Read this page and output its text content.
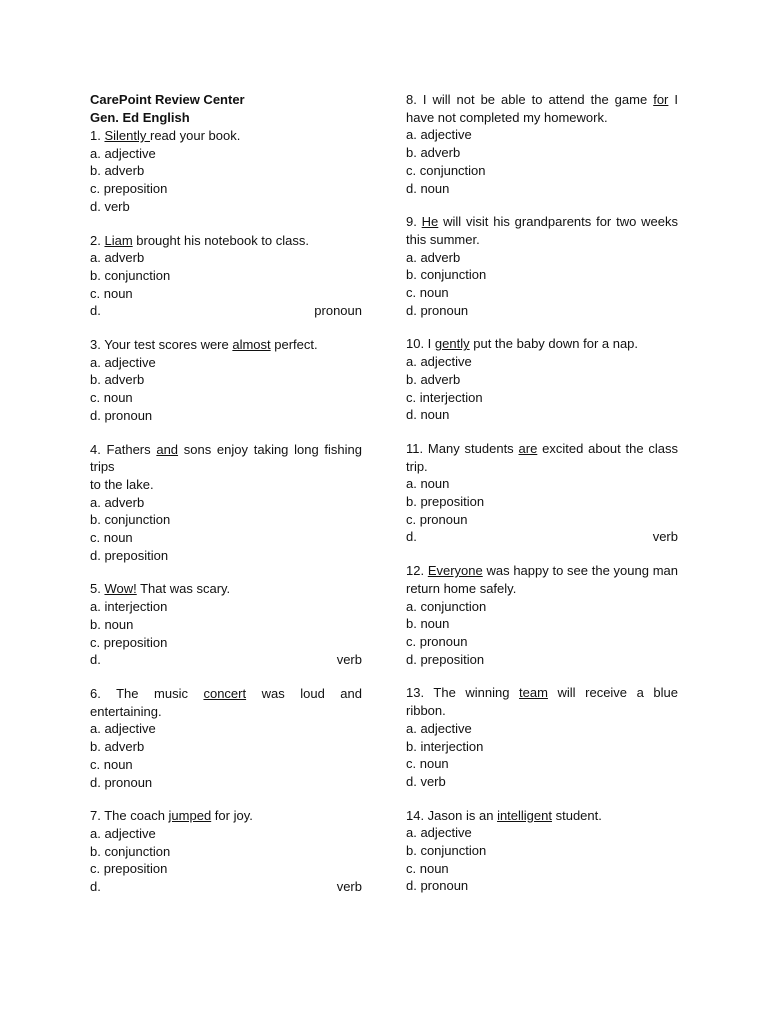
CarePoint Review Center
Gen. Ed English
1. Silently read your book.
a. adjective
b. adverb
c. preposition
d. verb
2. Liam brought his notebook to class.
a. adverb
b. conjunction
c. noun
d.	pronoun
3. Your test scores were almost perfect.
a. adjective
b. adverb
c. noun
d. pronoun
4. Fathers and sons enjoy taking long fishing trips
to the lake.
a. adverb
b. conjunction
c. noun
d. preposition
5. Wow! That was scary.
a. interjection
b. noun
c. preposition
d.	verb
6. The music concert was loud and entertaining.
a. adjective
b. adverb
c. noun
d. pronoun
7. The coach jumped for joy.
a. adjective
b. conjunction
c. preposition
d.	verb
8. I will not be able to attend the game for I have not completed my homework.
a. adjective
b. adverb
c. conjunction
d. noun
9. He will visit his grandparents for two weeks this summer.
a. adverb
b. conjunction
c. noun
d. pronoun
10. I gently put the baby down for a nap.
a. adjective
b. adverb
c. interjection
d. noun
11. Many students are excited about the class trip.
a. noun
b. preposition
c. pronoun
d.	verb
12. Everyone was happy to see the young man return home safely.
a. conjunction
b. noun
c. pronoun
d. preposition
13. The winning team will receive a blue ribbon.
a. adjective
b. interjection
c. noun
d. verb
14. Jason is an intelligent student.
a. adjective
b. conjunction
c. noun
d. pronoun
